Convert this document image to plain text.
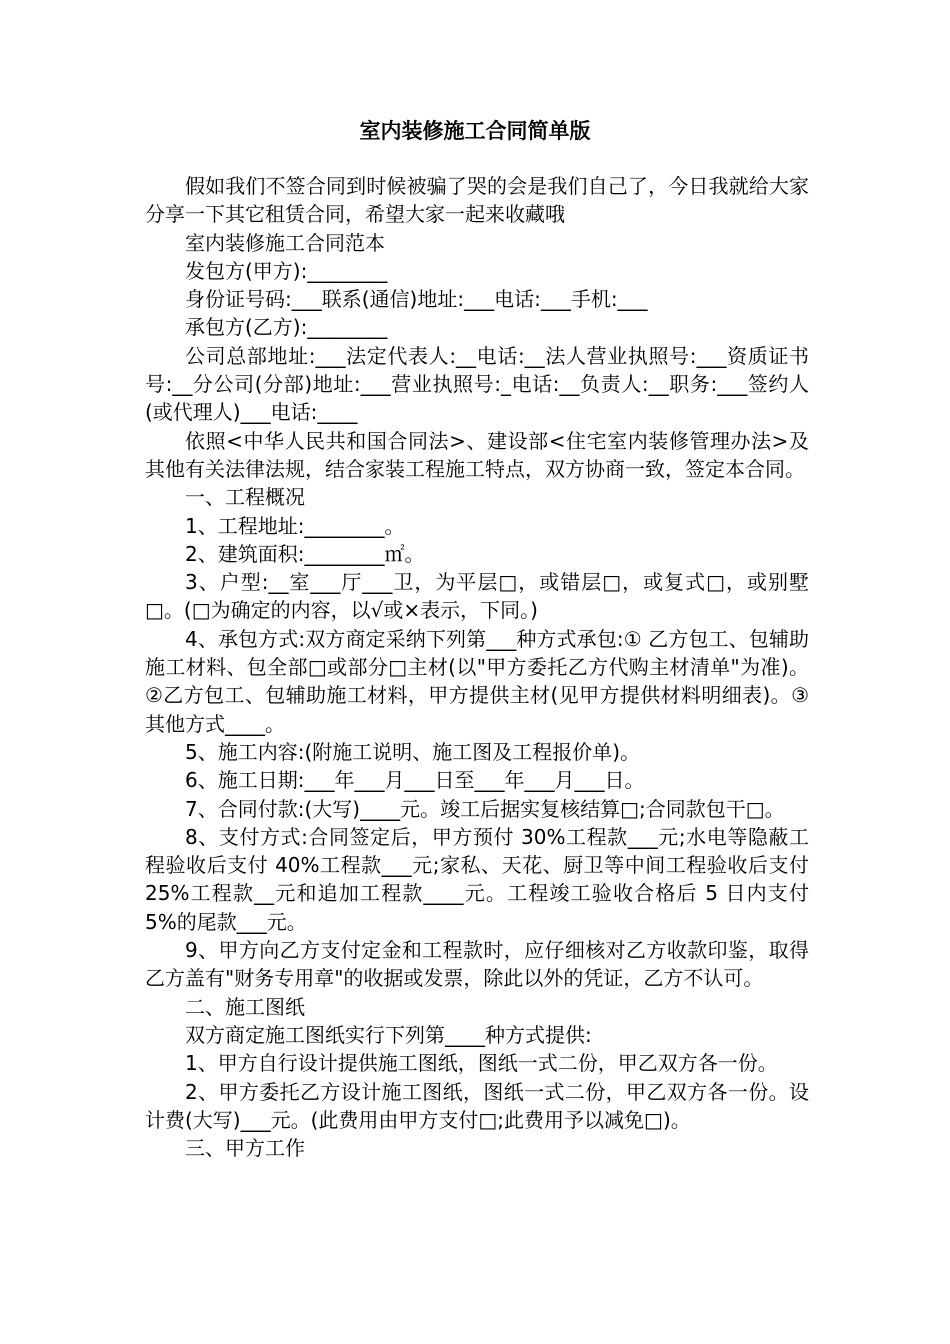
室内装修施工合同简单版

假如我们不签合同到时候被骗了哭的会是我们自己了，今日我就给大家分享一下其它租赁合同，希望大家一起来收藏哦

室内装修施工合同范本

发包方(甲方):________

身份证号码:___联系(通信)地址:___电话:___手机:___

承包方(乙方):________

公司总部地址:___法定代表人:__电话:__法人营业执照号:___资质证书号:__分公司(分部)地址:___营业执照号:_电话:__负责人:__职务:___签约人(或代理人)___电话:____

依照<中华人民共和国合同法>、建设部<住宅室内装修管理办法>及其他有关法律法规，结合家装工程施工特点，双方协商一致，签定本合同。

一、工程概况

1、工程地址:________。

2、建筑面积:________㎡。

3、户型:__室___厅___卫，为平层□，或错层□，或复式□，或别墅□。(□为确定的内容，以√或×表示，下同。)

4、承包方式:双方商定采纳下列第___种方式承包:① 乙方包工、包辅助施工材料、包全部□或部分□主材(以"甲方委托乙方代购主材清单"为准)。②乙方包工、包辅助施工材料，甲方提供主材(见甲方提供材料明细表)。③其他方式____。

5、施工内容:(附施工说明、施工图及工程报价单)。

6、施工日期:___年___月___日至___年___月___日。

7、合同付款:(大写)____元。竣工后据实复核结算□;合同款包干□。

8、支付方式:合同签定后，甲方预付 30%工程款___元;水电等隐蔽工程验收后支付 40%工程款___元;家私、天花、厨卫等中间工程验收后支付 25%工程款__元和追加工程款____元。工程竣工验收合格后 5 日内支付 5%的尾款___元。

9、甲方向乙方支付定金和工程款时，应仔细核对乙方收款印鉴，取得乙方盖有"财务专用章"的收据或发票，除此以外的凭证，乙方不认可。

二、施工图纸

双方商定施工图纸实行下列第____种方式提供:

1、甲方自行设计提供施工图纸，图纸一式二份，甲乙双方各一份。

2、甲方委托乙方设计施工图纸，图纸一式二份，甲乙双方各一份。设计费(大写)___元。(此费用由甲方支付□;此费用予以减免□)。

三、甲方工作
